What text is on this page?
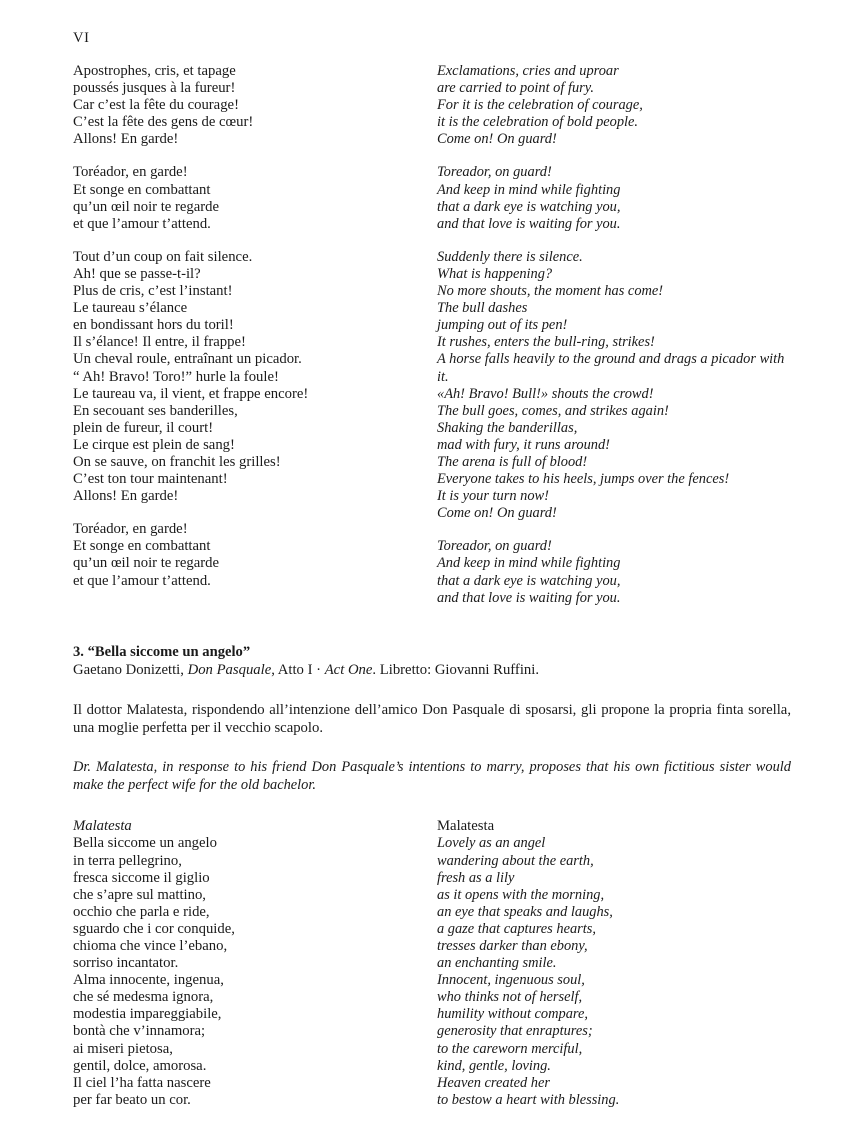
VI
Apostrophes, cris, et tapage
poussés jusques à la fureur!
Car c’est la fête du courage!
C’est la fête des gens de cœur!
Allons! En garde!
Toréador, en garde!
Et songe en combattant
qu’un œil noir te regarde
et que l’amour t’attend.
Tout d’un coup on fait silence.
Ah! que se passe-t-il?
Plus de cris, c’est l’instant!
Le taureau s’élance
en bondissant hors du toril!
Il s’élance! Il entre, il frappe!
Un cheval roule, entraînant un picador.
“ Ah! Bravo! Toro!” hurle la foule!
Le taureau va, il vient, et frappe encore!
En secouant ses banderilles,
plein de fureur, il court!
Le cirque est plein de sang!
On se sauve, on franchit les grilles!
C’est ton tour maintenant!
Allons! En garde!
Toréador, en garde!
Et songe en combattant
qu’un œil noir te regarde
et que l’amour t’attend.
Exclamations, cries and uproar
are carried to point of fury.
For it is the celebration of courage,
it is the celebration of bold people.
Come on! On guard!
Toreador, on guard!
And keep in mind while fighting
that a dark eye is watching you,
and that love is waiting for you.
Suddenly there is silence.
What is happening?
No more shouts, the moment has come!
The bull dashes
jumping out of its pen!
It rushes, enters the bull-ring, strikes!
A horse falls heavily to the ground and drags a picador with it.
«Ah! Bravo! Bull!» shouts the crowd!
The bull goes, comes, and strikes again!
Shaking the banderillas,
mad with fury, it runs around!
The arena is full of blood!
Everyone takes to his heels, jumps over the fences!
It is your turn now!
Come on! On guard!
Toreador, on guard!
And keep in mind while fighting
that a dark eye is watching you,
and that love is waiting for you.
3. “Bella siccome un angelo”
Gaetano Donizetti, Don Pasquale, Atto I · Act One. Libretto: Giovanni Ruffini.
Il dottor Malatesta, rispondendo all’intenzione dell’amico Don Pasquale di sposarsi, gli propone la propria finta sorella, una moglie perfetta per il vecchio scapolo.
Dr. Malatesta, in response to his friend Don Pasquale’s intentions to marry, proposes that his own fictitious sister would make the perfect wife for the old bachelor.
Malatesta
Bella siccome un angelo
in terra pellegrino,
fresca siccome il giglio
che s’apre sul mattino,
occhio che parla e ride,
sguardo che i cor conquide,
chioma che vince l’ebano,
sorriso incantator.
Alma innocente, ingenua,
che sé medesma ignora,
modestia impareggiabile,
bontà che v’innamora;
ai miseri pietosa,
gentil, dolce, amorosa.
Il ciel l’ha fatta nascere
per far beato un cor.
Malatesta
Lovely as an angel
wandering about the earth,
fresh as a lily
as it opens with the morning,
an eye that speaks and laughs,
a gaze that captures hearts,
tresses darker than ebony,
an enchanting smile.
Innocent, ingenuous soul,
who thinks not of herself,
humility without compare,
generosity that enraptures;
to the careworn merciful,
kind, gentle, loving.
Heaven created her
to bestow a heart with blessing.
